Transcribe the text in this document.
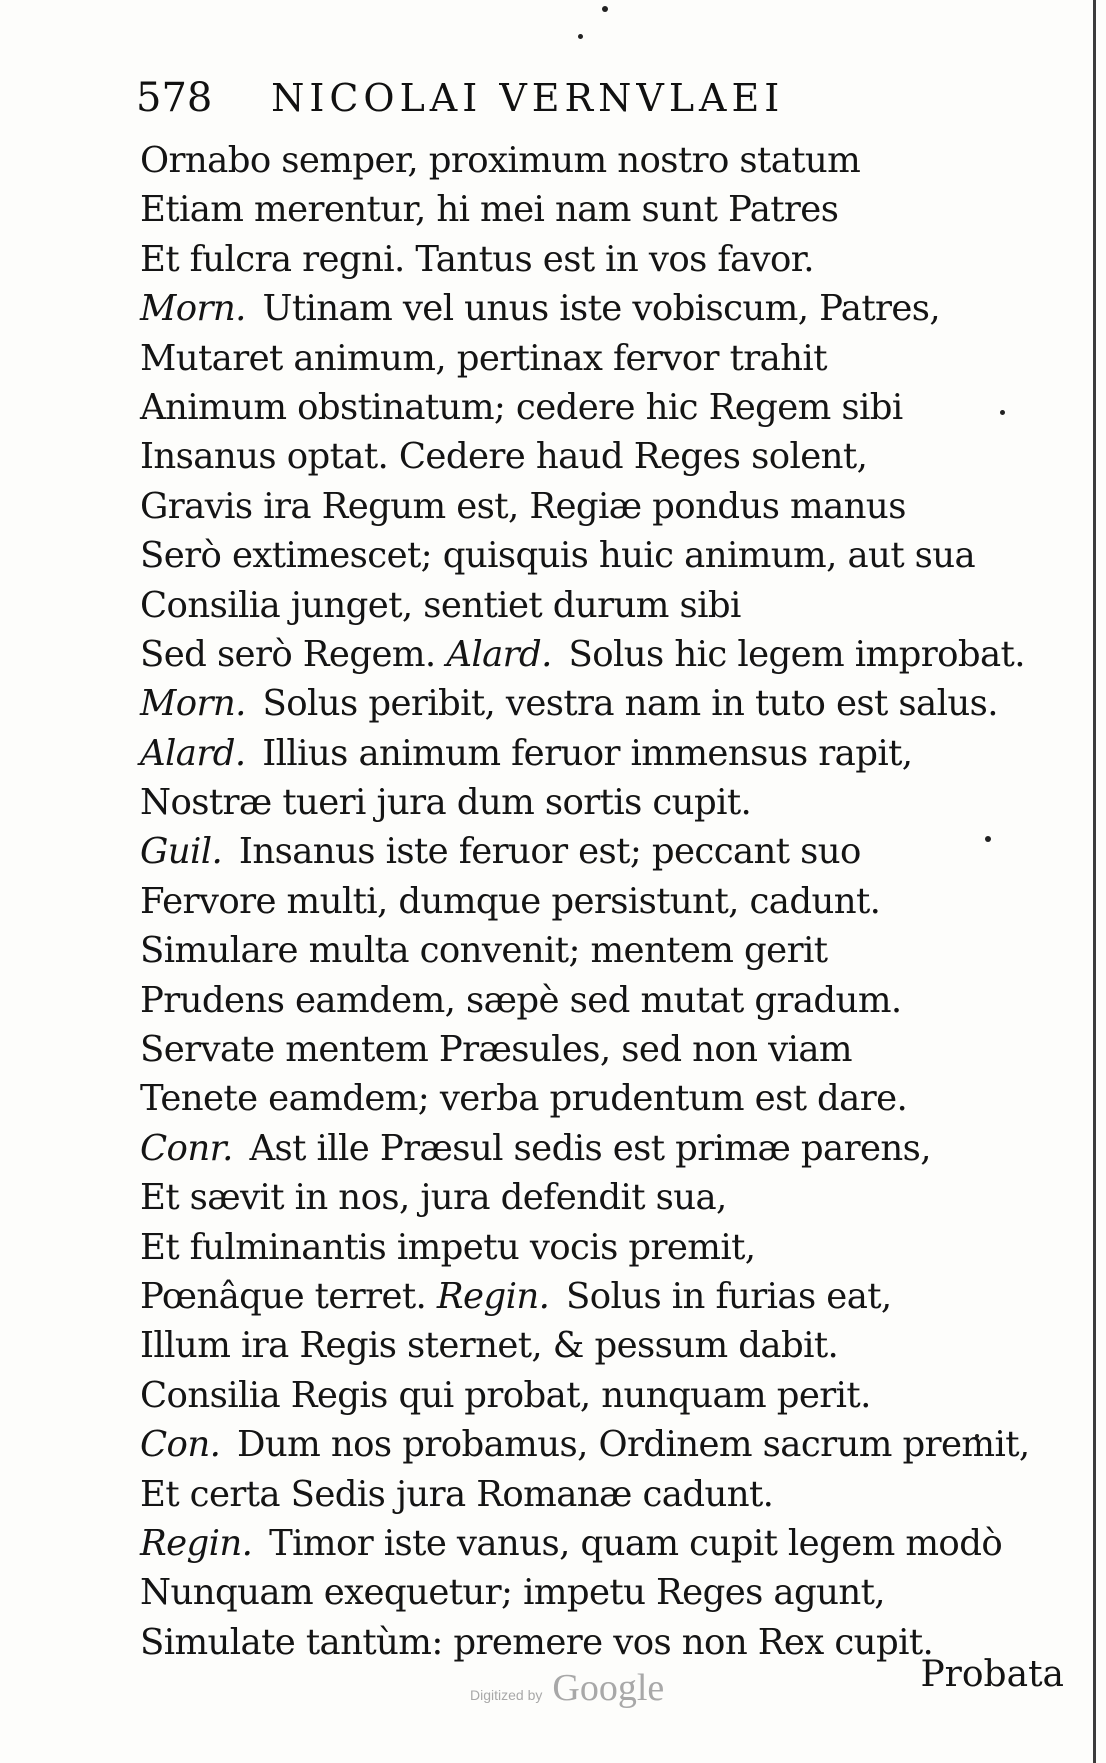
578 NICOLAI VERNVLAEI
Ornabo semper, proximum nostro statum
Etiam merentur, hi mei nam sunt Patres
Et fulcra regni. Tantus est in vos favor.
Morn. Utinam vel unus iste vobiscum, Patres,
Mutaret animum, pertinax fervor trahit
Animum obstinatum; cedere hic Regem sibi
Insanus optat. Cedere haud Reges solent,
Gravis ira Regum est, Regiæ pondus manus
Serò extimescet; quisquis huic animum, aut sua
Consilia junget, sentiet durum sibi
Sed serò Regem. Alard. Solus hic legem improbat.
Morn. Solus peribit, vestra nam in tuto est salus.
Alard. Illius animum feruor immensus rapit,
Nostræ tueri jura dum sortis cupit.
Guil. Insanus iste feruor est; peccant suo
Fervore multi, dumque persistunt, cadunt.
Simulare multa convenit; mentem gerit
Prudens eamdem, sæpè sed mutat gradum.
Servate mentem Præsules, sed non viam
Tenete eamdem; verba prudentum est dare.
Conr. Ast ille Præsul sedis est primæ parens,
Et sævit in nos, jura defendit sua,
Et fulminantis impetu vocis premit,
Pœnâque terret. Regin. Solus in furias eat,
Illum ira Regis sternet, & pessum dabit.
Consilia Regis qui probat, nunquam perit.
Con. Dum nos probamus, Ordinem sacrum premit,
Et certa Sedis jura Romanæ cadunt.
Regin. Timor iste vanus, quam cupit legem modò
Nunquam exequetur; impetu Reges agunt,
Simulate tantùm: premere vos non Rex cupit.
Probata
Digitized by Google
